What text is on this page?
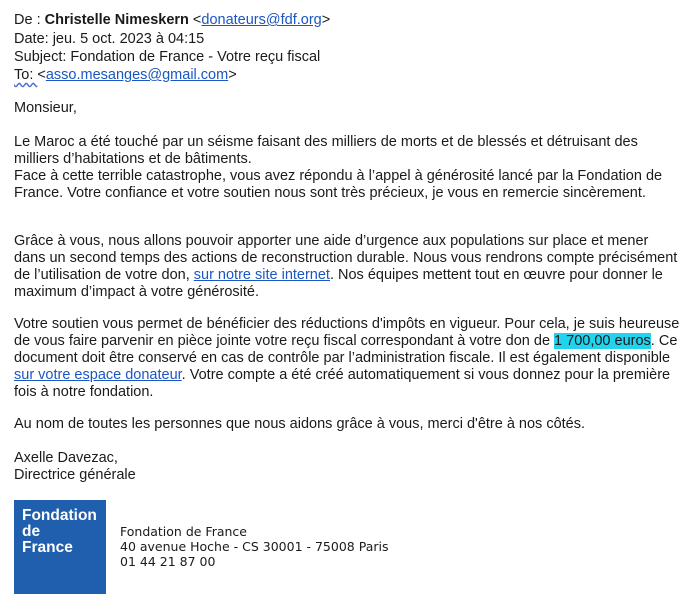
De : Christelle Nimeskern <donateurs@fdf.org>
Date: jeu. 5 oct. 2023 à 04:15
Subject: Fondation de France - Votre reçu fiscal
To: <asso.mesanges@gmail.com>
Monsieur,
Le Maroc a été touché par un séisme faisant des milliers de morts et de blessés et détruisant des milliers d’habitations et de bâtiments.
Face à cette terrible catastrophe, vous avez répondu à l’appel à générosité lancé par la Fondation de France. Votre confiance et votre soutien nous sont très précieux, je vous en remercie sincèrement.
Grâce à vous, nous allons pouvoir apporter une aide d’urgence aux populations sur place et mener dans un second temps des actions de reconstruction durable. Nous vous rendrons compte précisément de l’utilisation de votre don, sur notre site internet. Nos équipes mettent tout en œuvre pour donner le maximum d’impact à votre générosité.
Votre soutien vous permet de bénéficier des réductions d'impôts en vigueur. Pour cela, je suis heureuse de vous faire parvenir en pièce jointe votre reçu fiscal correspondant à votre don de 1 700,00 euros. Ce document doit être conservé en cas de contrôle par l’administration fiscale. Il est également disponible sur votre espace donateur. Votre compte a été créé automatiquement si vous donnez pour la première fois à notre fondation.
Au nom de toutes les personnes que nous aidons grâce à vous, merci d'être à nos côtés.
Axelle Davezac,
Directrice générale
Fondation
de
France
Fondation de France
40 avenue Hoche - CS 30001 - 75008 Paris
01 44 21 87 00
